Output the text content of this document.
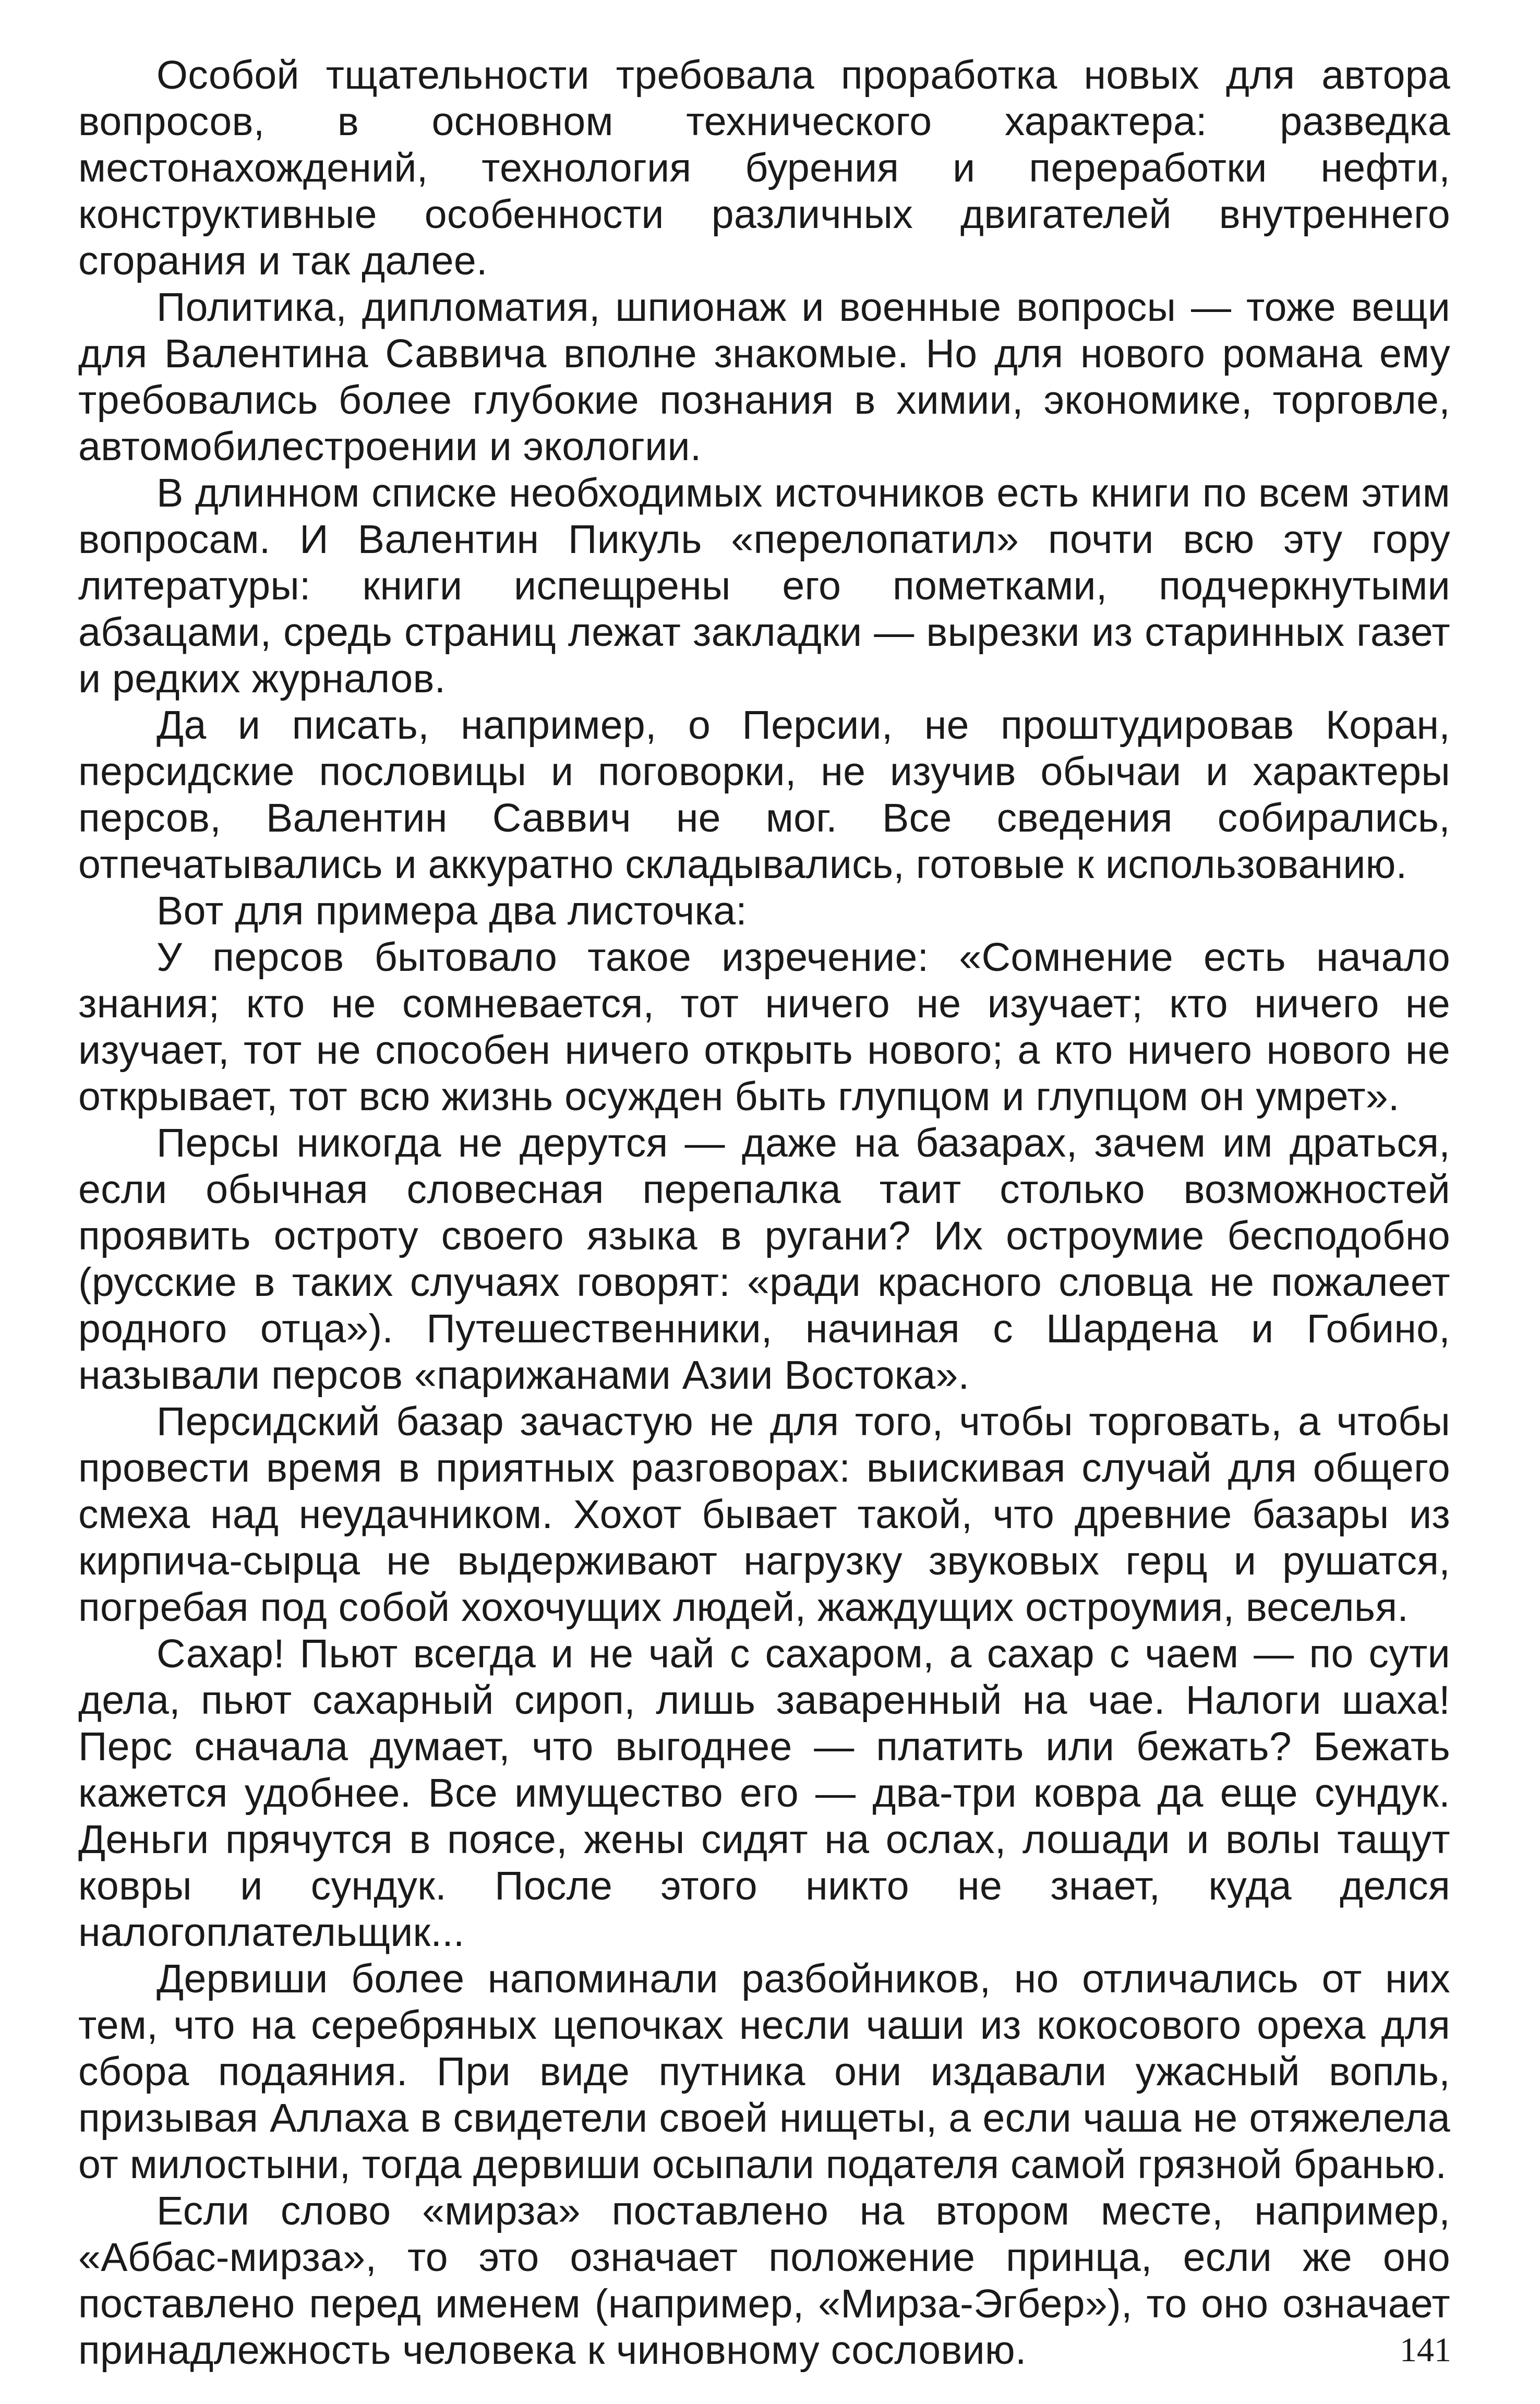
Особой тщательности требовала проработка новых для автора вопросов, в основном технического характера: разведка местонахождений, технология бурения и переработки нефти, конструктивные особенности различных двигателей внутреннего сгорания и так далее.

Политика, дипломатия, шпионаж и военные вопросы — тоже вещи для Валентина Саввича вполне знакомые. Но для нового романа ему требовались более глубокие познания в химии, экономике, торговле, автомобилестроении и экологии.

В длинном списке необходимых источников есть книги по всем этим вопросам. И Валентин Пикуль «перелопатил» почти всю эту гору литературы: книги испещрены его пометками, подчеркнутыми абзацами, средь страниц лежат закладки — вырезки из старинных газет и редких журналов.

Да и писать, например, о Персии, не проштудировав Коран, персидские пословицы и поговорки, не изучив обычаи и характеры персов, Валентин Саввич не мог. Все сведения собирались, отпечатывались и аккуратно складывались, готовые к использованию.

Вот для примера два листочка:

У персов бытовало такое изречение: «Сомнение есть начало знания; кто не сомневается, тот ничего не изучает; кто ничего не изучает, тот не способен ничего открыть нового; а кто ничего нового не открывает, тот всю жизнь осужден быть глупцом и глупцом он умрет».

Персы никогда не дерутся — даже на базарах, зачем им драться, если обычная словесная перепалка таит столько возможностей проявить остроту своего языка в ругани? Их остроумие бесподобно (русские в таких случаях говорят: «ради красного словца не пожалеет родного отца»). Путешественники, начиная с Шардена и Гобино, называли персов «парижанами Азии Востока».

Персидский базар зачастую не для того, чтобы торговать, а чтобы провести время в приятных разговорах: выискивая случай для общего смеха над неудачником. Хохот бывает такой, что древние базары из кирпича-сырца не выдерживают нагрузку звуковых герц и рушатся, погребая под собой хохочущих людей, жаждущих остроумия, веселья.

Сахар! Пьют всегда и не чай с сахаром, а сахар с чаем — по сути дела, пьют сахарный сироп, лишь заваренный на чае. Налоги шаха! Перс сначала думает, что выгоднее — платить или бежать? Бежать кажется удобнее. Все имущество его — два-три ковра да еще сундук. Деньги прячутся в поясе, жены сидят на ослах, лошади и волы тащут ковры и сундук. После этого никто не знает, куда делся налогоплательщик...

Дервиши более напоминали разбойников, но отличались от них тем, что на серебряных цепочках несли чаши из кокосового ореха для сбора подаяния. При виде путника они издавали ужасный вопль, призывая Аллаха в свидетели своей нищеты, а если чаша не отяжелела от милостыни, тогда дервиши осыпали подателя самой грязной бранью.

Если слово «мирза» поставлено на втором месте, например, «Аббас-мирза», то это означает положение принца, если же оно поставлено перед именем (например, «Мирза-Эгбер»), то оно означает принадлежность человека к чиновному сословию.	141
